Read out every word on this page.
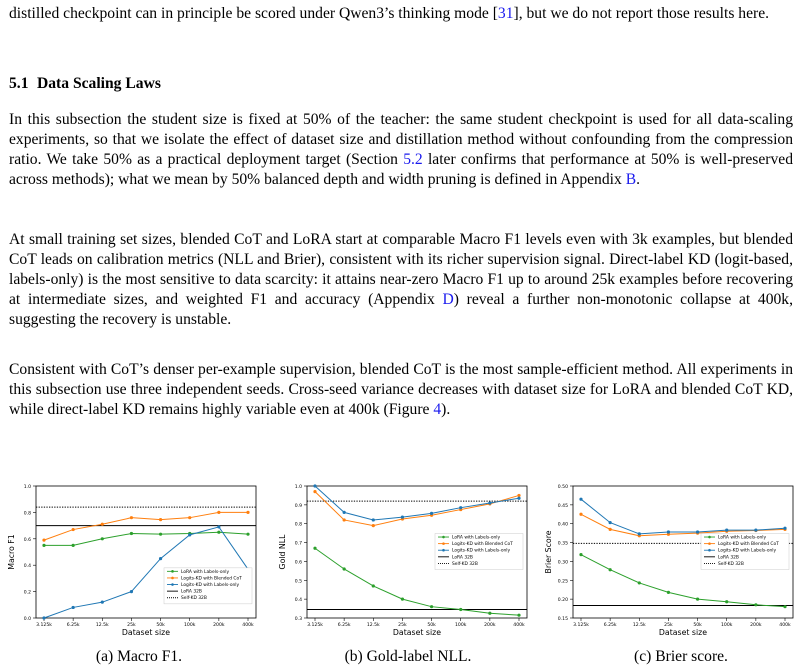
distilled checkpoint can in principle be scored under Qwen3’s thinking mode [31], but we do not report those results here.

5.1 Data Scaling Laws

In this subsection the student size is fixed at 50% of the teacher: the same student checkpoint is used for all data-scaling experiments, so that we isolate the effect of dataset size and distillation method without confounding from the compression ratio. We take 50% as a practical deployment target (Section 5.2 later confirms that performance at 50% is well-preserved across methods); what we mean by 50% balanced depth and width pruning is defined in Appendix B.

At small training set sizes, blended CoT and LoRA start at comparable Macro F1 levels even with 3k examples, but blended CoT leads on calibration metrics (NLL and Brier), consistent with its richer supervision signal. Direct-label KD (logit-based, labels-only) is the most sensitive to data scarcity: it attains near-zero Macro F1 up to around 25k examples before recovering at intermediate sizes, and weighted F1 and accuracy (Appendix D) reveal a further non-monotonic collapse at 400k, suggesting the recovery is unstable.

Consistent with CoT’s denser per-example supervision, blended CoT is the most sample-efficient method. All experiments in this subsection use three independent seeds. Cross-seed variance decreases with dataset size for LoRA and blended CoT KD, while direct-label KD remains highly variable even at 400k (Figure 4).

0.0
0.2
0.4
0.6
0.8
1.0
3.125k	6.25k	12.5k	25k	50k	100k	200k	400k
Dataset size
Macro F1
LoRA with Labels-only
Logits-KD with Blended CoT
Logits-KD with Labels-only
LoRA 32B
Self-KD 32B
0.3
0.4
0.5
0.6
0.7
0.8
0.9
1.0
3.125k	6.25k	12.5k	25k	50k	100k	200k	400k
Dataset size
Gold NLL	LoRA with Labels-only
Logits-KD with Blended CoT
Logits-KD with Labels-only
LoRA 32B
Self-KD 32B
0.15
0.20
0.25
0.30
0.35
0.40
0.45
0.50
3.125k	6.25k	12.5k	25k	50k	100k	200k	400k
Dataset size
Brier Score	LoRA with Labels-only
Logits-KD with Blended CoT
Logits-KD with Labels-only
LoRA 32B
Self-KD 32B
(a) Macro F1.	(b) Gold-label NLL.	(c) Brier score.
